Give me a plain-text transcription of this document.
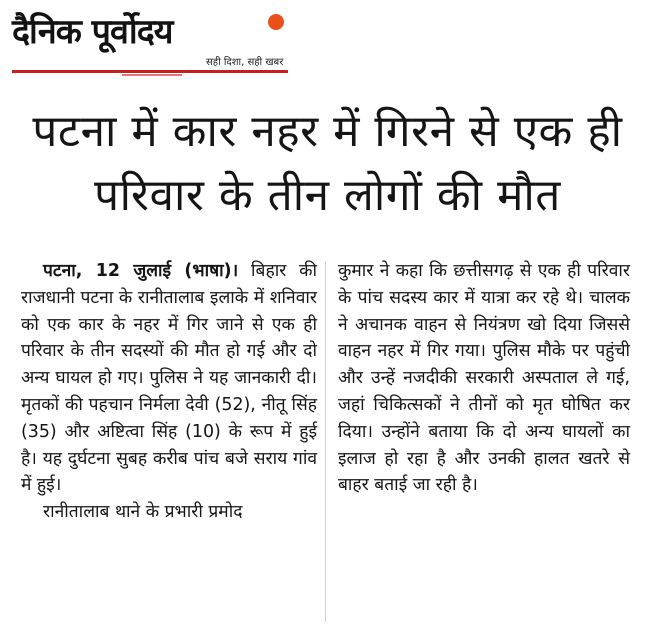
दैनिक पूर्वोदय
सही दिशा, सही खबर
पटना में कार नहर में गिरने से एक ही परिवार के तीन लोगों की मौत

पटना, 12 जुलाई (भाषा)। बिहार की राजधानी पटना के रानीतालाब इलाके में शनिवार को एक कार के नहर में गिर जाने से एक ही परिवार के तीन सदस्यों की मौत हो गई और दो अन्य घायल हो गए। पुलिस ने यह जानकारी दी। मृतकों की पहचान निर्मला देवी (52), नीतू सिंह (35) और अष्टित्वा सिंह (10) के रूप में हुई है। यह दुर्घटना सुबह करीब पांच बजे सराय गांव में हुई।

रानीतालाब थाने के प्रभारी प्रमोद

कुमार ने कहा कि छत्तीसगढ़ से एक ही परिवार के पांच सदस्य कार में यात्रा कर रहे थे। चालक ने अचानक वाहन से नियंत्रण खो दिया जिससे वाहन नहर में गिर गया। पुलिस मौके पर पहुंची और उन्हें नजदीकी सरकारी अस्पताल ले गई, जहां चिकित्सकों ने तीनों को मृत घोषित कर दिया। उन्होंने बताया कि दो अन्य घायलों का इलाज हो रहा है और उनकी हालत खतरे से बाहर बताई जा रही है।
